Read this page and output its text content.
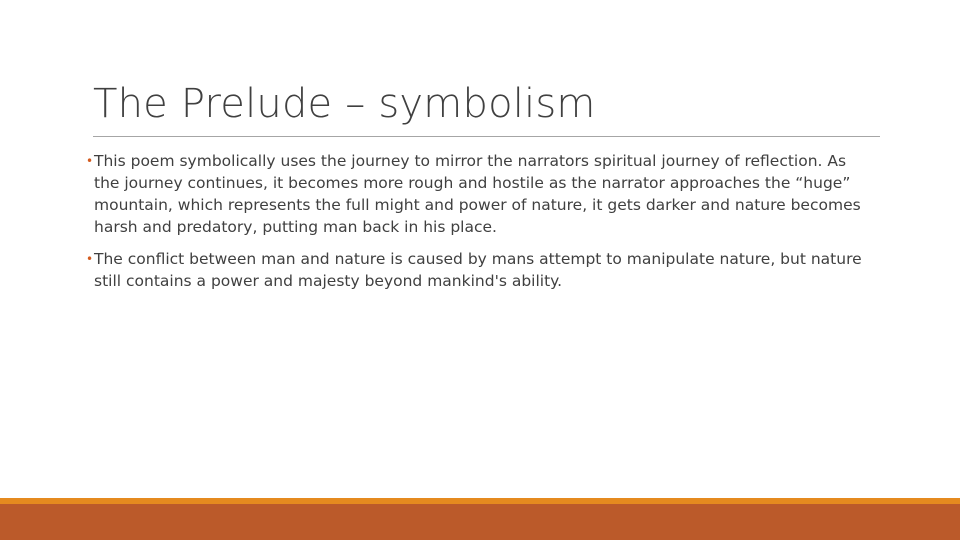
The Prelude – symbolism
• This poem symbolically uses the journey to mirror the narrators spiritual journey of reflection. As the journey continues, it becomes more rough and hostile as the narrator approaches the “huge” mountain, which represents the full might and power of nature, it gets darker and nature becomes harsh and predatory, putting man back in his place.
• The conflict between man and nature is caused by mans attempt to manipulate nature, but nature still contains a power and majesty beyond mankind's ability.
